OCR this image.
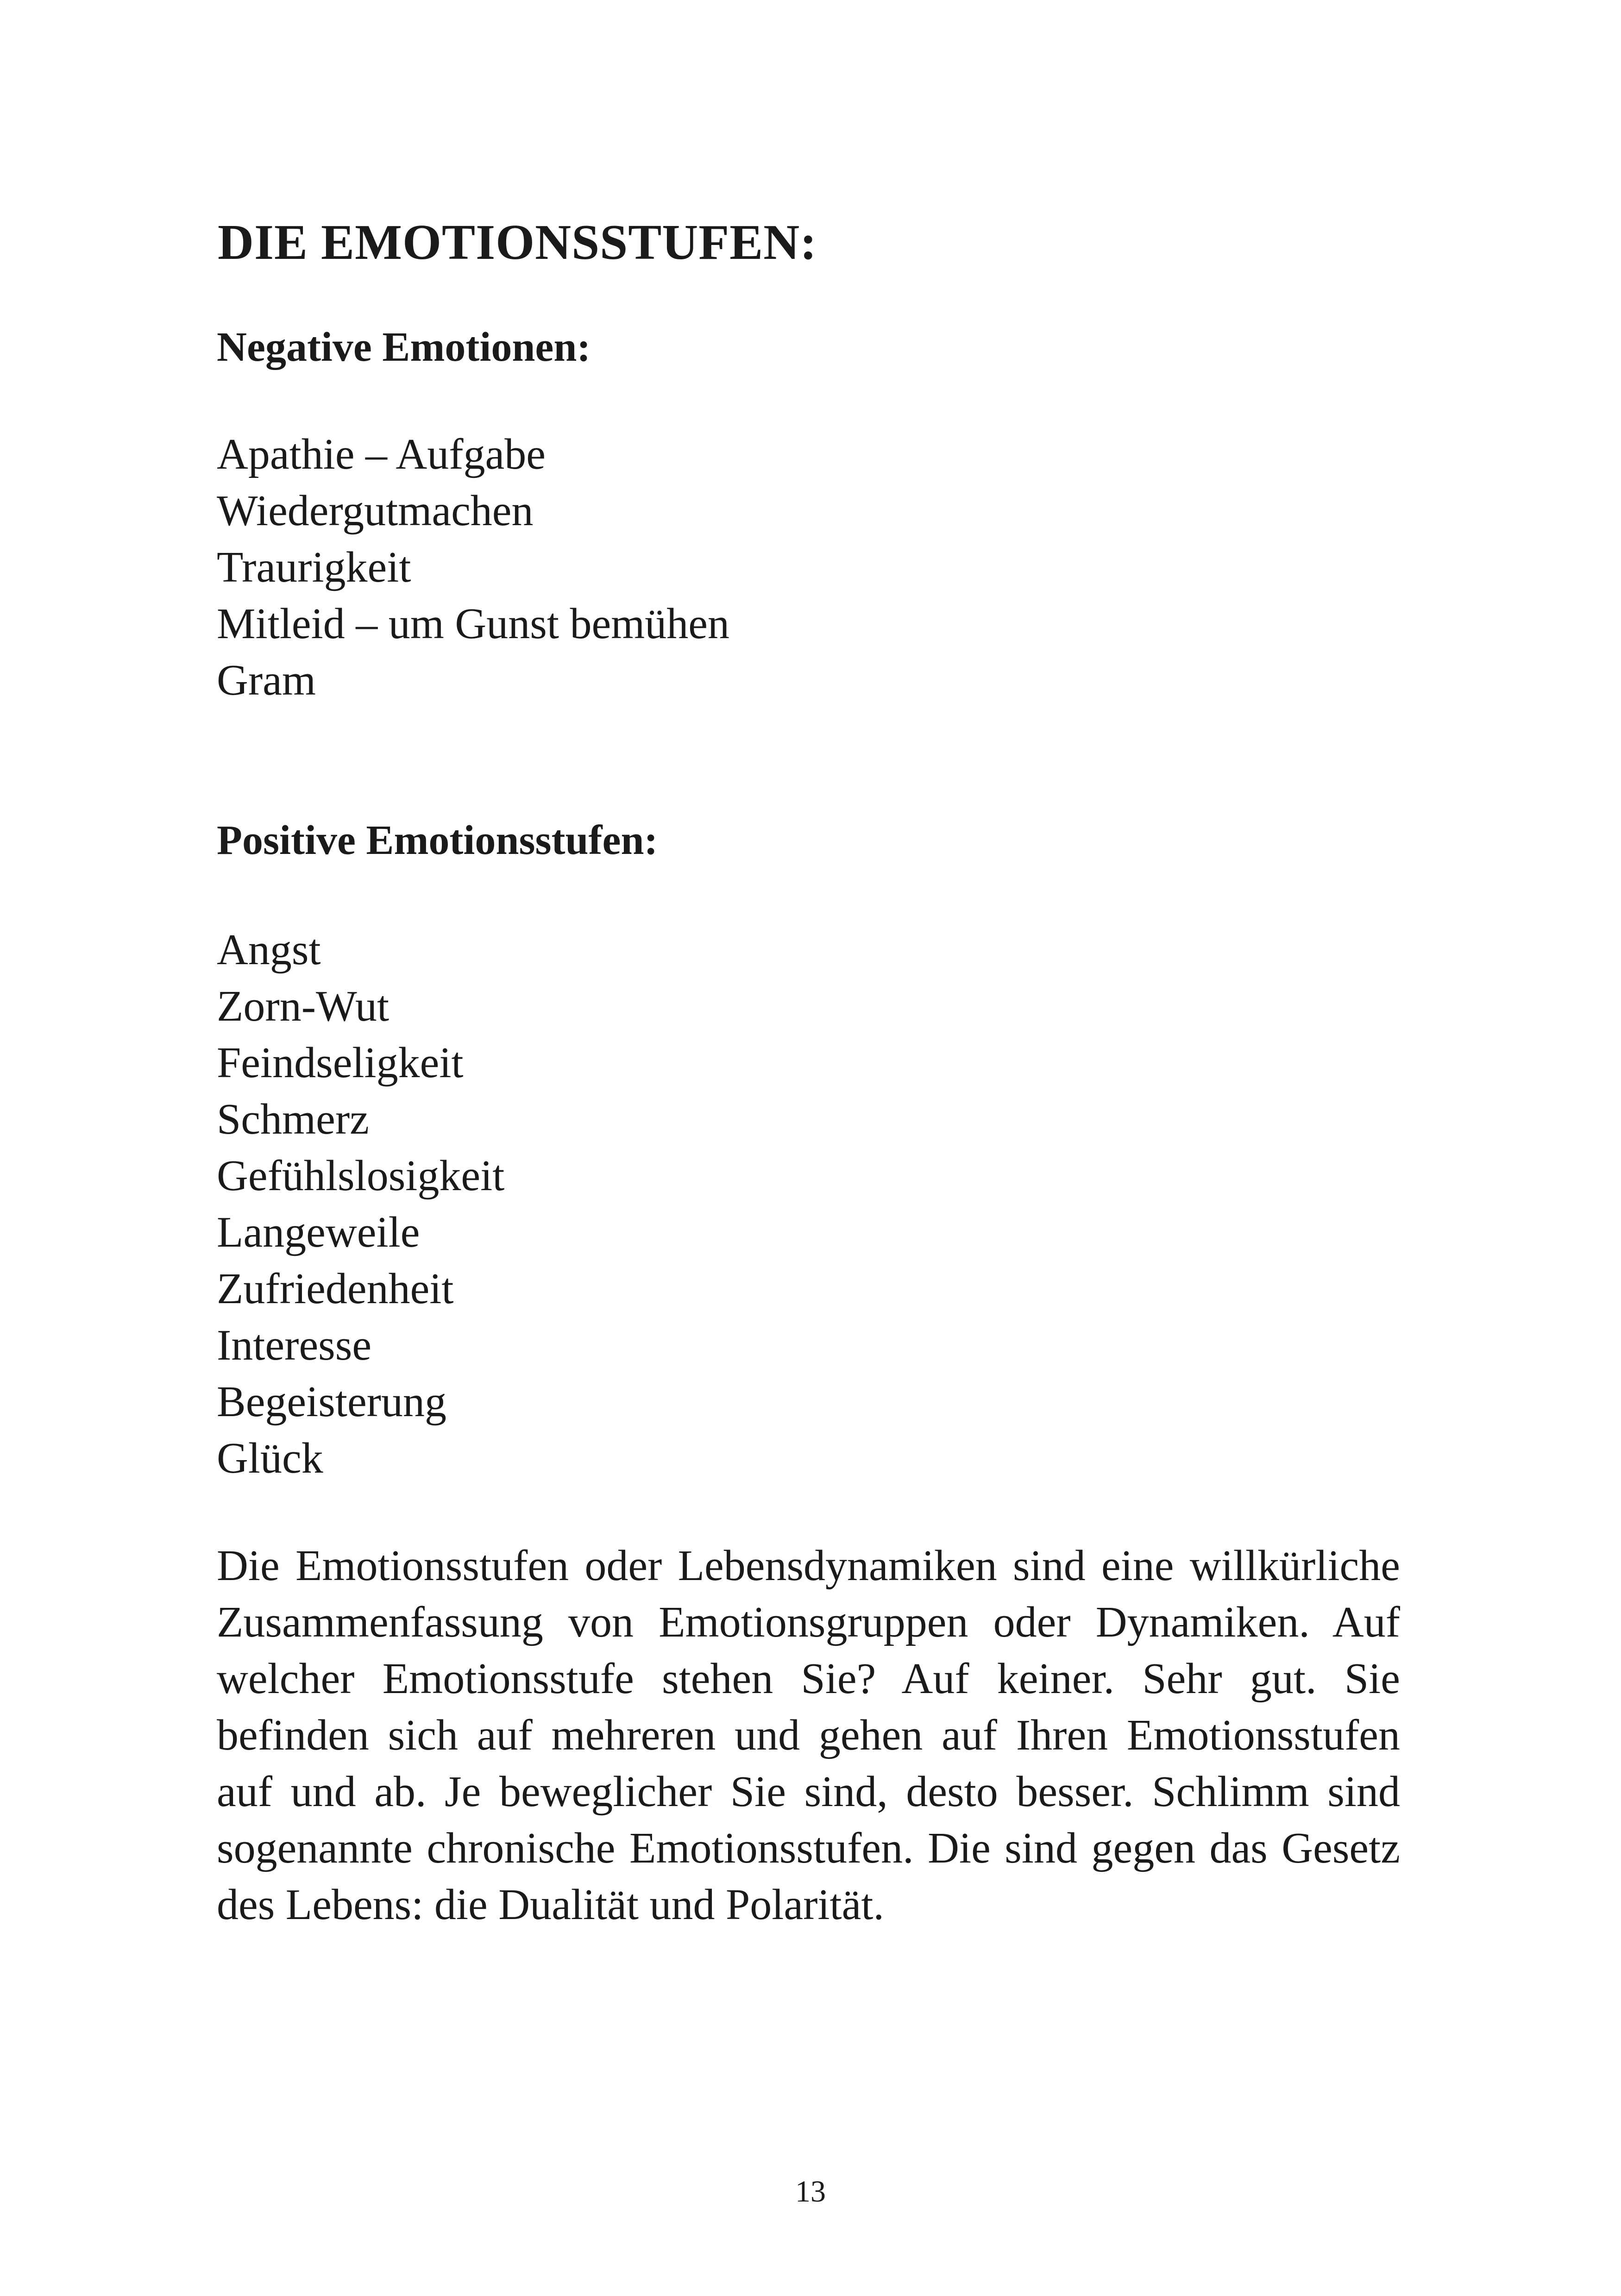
DIE EMOTIONSSTUFEN:
Negative Emotionen:
Apathie – Aufgabe
Wiedergutmachen
Traurigkeit
Mitleid – um Gunst bemühen
Gram
Positive Emotionsstufen:
Angst
Zorn-Wut
Feindseligkeit
Schmerz
Gefühlslosigkeit
Langeweile
Zufriedenheit
Interesse
Begeisterung
Glück

Die Emotionsstufen oder Lebensdynamiken sind eine willkürliche Zusammenfassung von Emotionsgruppen oder Dynamiken. Auf welcher Emotionsstufe stehen Sie? Auf keiner. Sehr gut. Sie befinden sich auf mehreren und gehen auf Ihren Emotionsstufen auf und ab. Je beweglicher Sie sind, desto besser. Schlimm sind sogenannte chronische Emotionsstufen. Die sind gegen das Gesetz des Lebens: die Dualität und Polarität.

13
